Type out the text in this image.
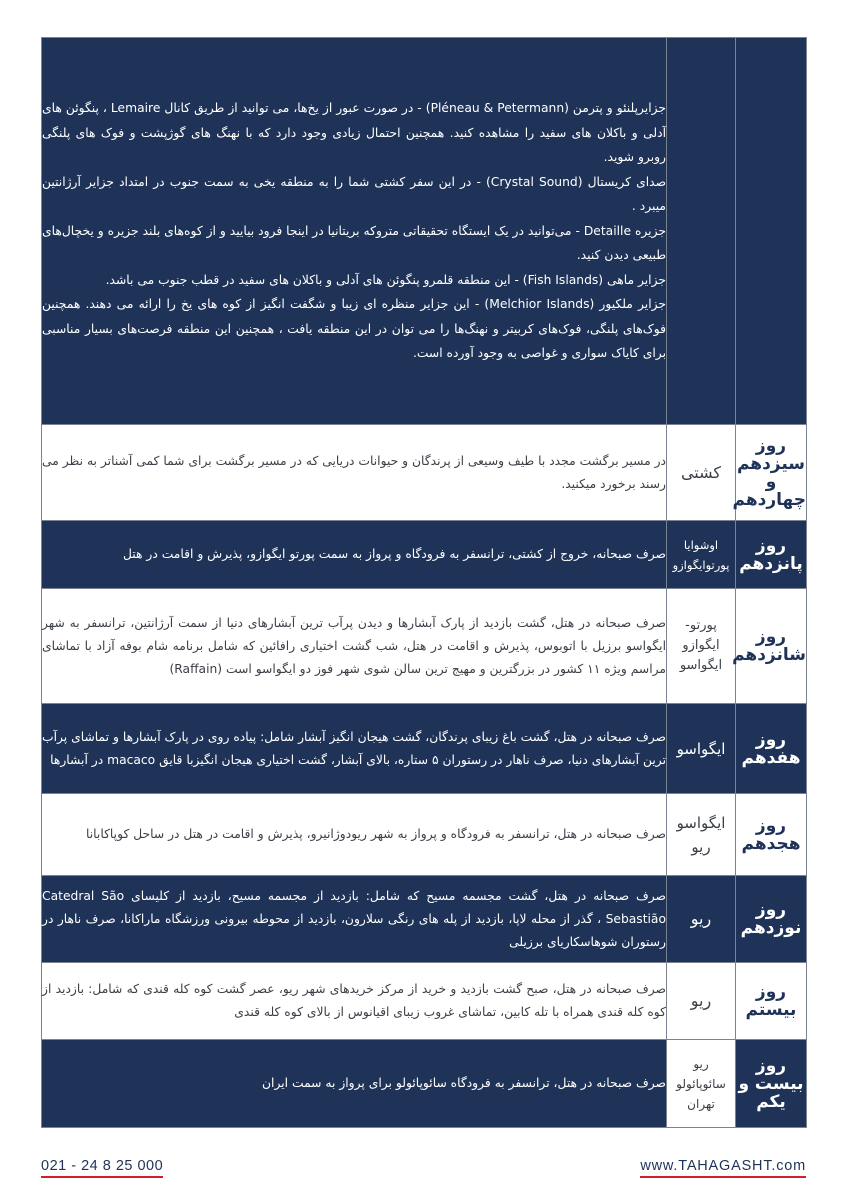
		جزایرپلنئو و پترمن (Pléneau & Petermann) - در صورت عبور از یخ‌ها، می توانید از طریق کانال Lemaire ، پنگوئن های آدلی و باکلان های سفید را مشاهده کنید. همچنین احتمال زیادی وجود دارد که با نهنگ های گوژپشت و فوک های پلنگی روبرو شوید.

صدای کریستال (Crystal Sound) - در این سفر کشتی شما را به منطقه یخی به سمت جنوب در امتداد جزایر آرژانتین میبرد .

جزیره Detaille - می‌توانید در یک ایستگاه تحقیقاتی متروکه بریتانیا در اینجا فرود بیایید و از کوه‌های بلند جزیره و یخچال‌های طبیعی دیدن کنید.

جزایر ماهی (Fish Islands) - این منطقه قلمرو پنگوئن های آدلی و باکلان های سفید در قطب جنوب می باشد.

جزایر ملکیور (Melchior Islands) - این جزایر منظره ای زیبا و شگفت انگیز از کوه های یخ را ارائه می دهند. همچنین فوک‌های پلنگی، فوک‌های کربیتر و نهنگ‌ها را می توان در این منطقه یافت ، همچنین این منطقه فرصت‌های بسیار مناسبی برای کایاک سواری و غواصی به وجود آورده است.

روز سیزدهم و چهاردهم	کشتی	در مسیر برگشت مجدد با طیف وسیعی از پرندگان و حیوانات دریایی که در مسیر برگشت برای شما کمی آشناتر به نظر می رسند برخورد میکنید.

روز پانزدهم	اوشوایا پورتوایگوازو	صرف صبحانه، خروج از کشتی، ترانسفر به فرودگاه و پرواز به سمت پورتو ایگوازو، پذیرش و اقامت در هتل

روز شانزدهم	پورتو- ایگوازو ایگواسو	صرف صبحانه در هتل، گشت بازدید از پارک آبشارها و دیدن پرآب ترین آبشارهای دنیا از سمت آرژانتین، ترانسفر به شهر ایگواسو برزیل با اتوبوس، پذیرش و اقامت در هتل، شب گشت اختیاری رافائین که شامل برنامه شام بوفه آزاد با تماشای مراسم ویژه ۱۱ کشور در بزرگترین و مهیج ترین سالن شوی شهر فوز دو ایگواسو است (Raffain)

روز هفدهم	ایگواسو	صرف صبحانه در هتل، گشت باغ زیبای پرندگان، گشت هیجان انگیز آبشار شامل: پیاده روی در پارک آبشارها و تماشای پرآب ترین آبشارهای دنیا، صرف ناهار در رستوران ۵ ستاره، بالای آبشار، گشت اختیاری هیجان انگیزبا قایق macaco در آبشارها

روز هجدهم	ایگواسو ریو	صرف صبحانه در هتل، ترانسفر به فرودگاه و پرواز به شهر ریودوژانیرو، پذیرش و اقامت در هتل در ساحل کوپاکابانا

روز نوزدهم	ریو	صرف صبحانه در هتل، گشت مجسمه مسیح که شامل: بازدید از مجسمه مسیح، بازدید از کلیسای Catedral São Sebastião ، گذر از محله لاپا، بازدید از پله های رنگی سلارون، بازدید از محوطه بیرونی ورزشگاه ماراکانا، صرف ناهار در رستوران شوهاسکاریای برزیلی

روز بیستم	ریو	صرف صبحانه در هتل، صبح گشت بازدید و خرید از مرکز خریدهای شهر ریو، عصر گشت کوه کله قندی که شامل: بازدید از کوه کله قندی همراه با تله کابین، تماشای غروب زیبای اقیانوس از بالای کوه کله قندی

روز بیست و یکم	ریو سائوپائولو تهران	صرف صبحانه در هتل، ترانسفر به فرودگاه سائوپائولو برای پرواز به سمت ایران

021 - 24 8 25 000	www.TAHAGASHT.com
